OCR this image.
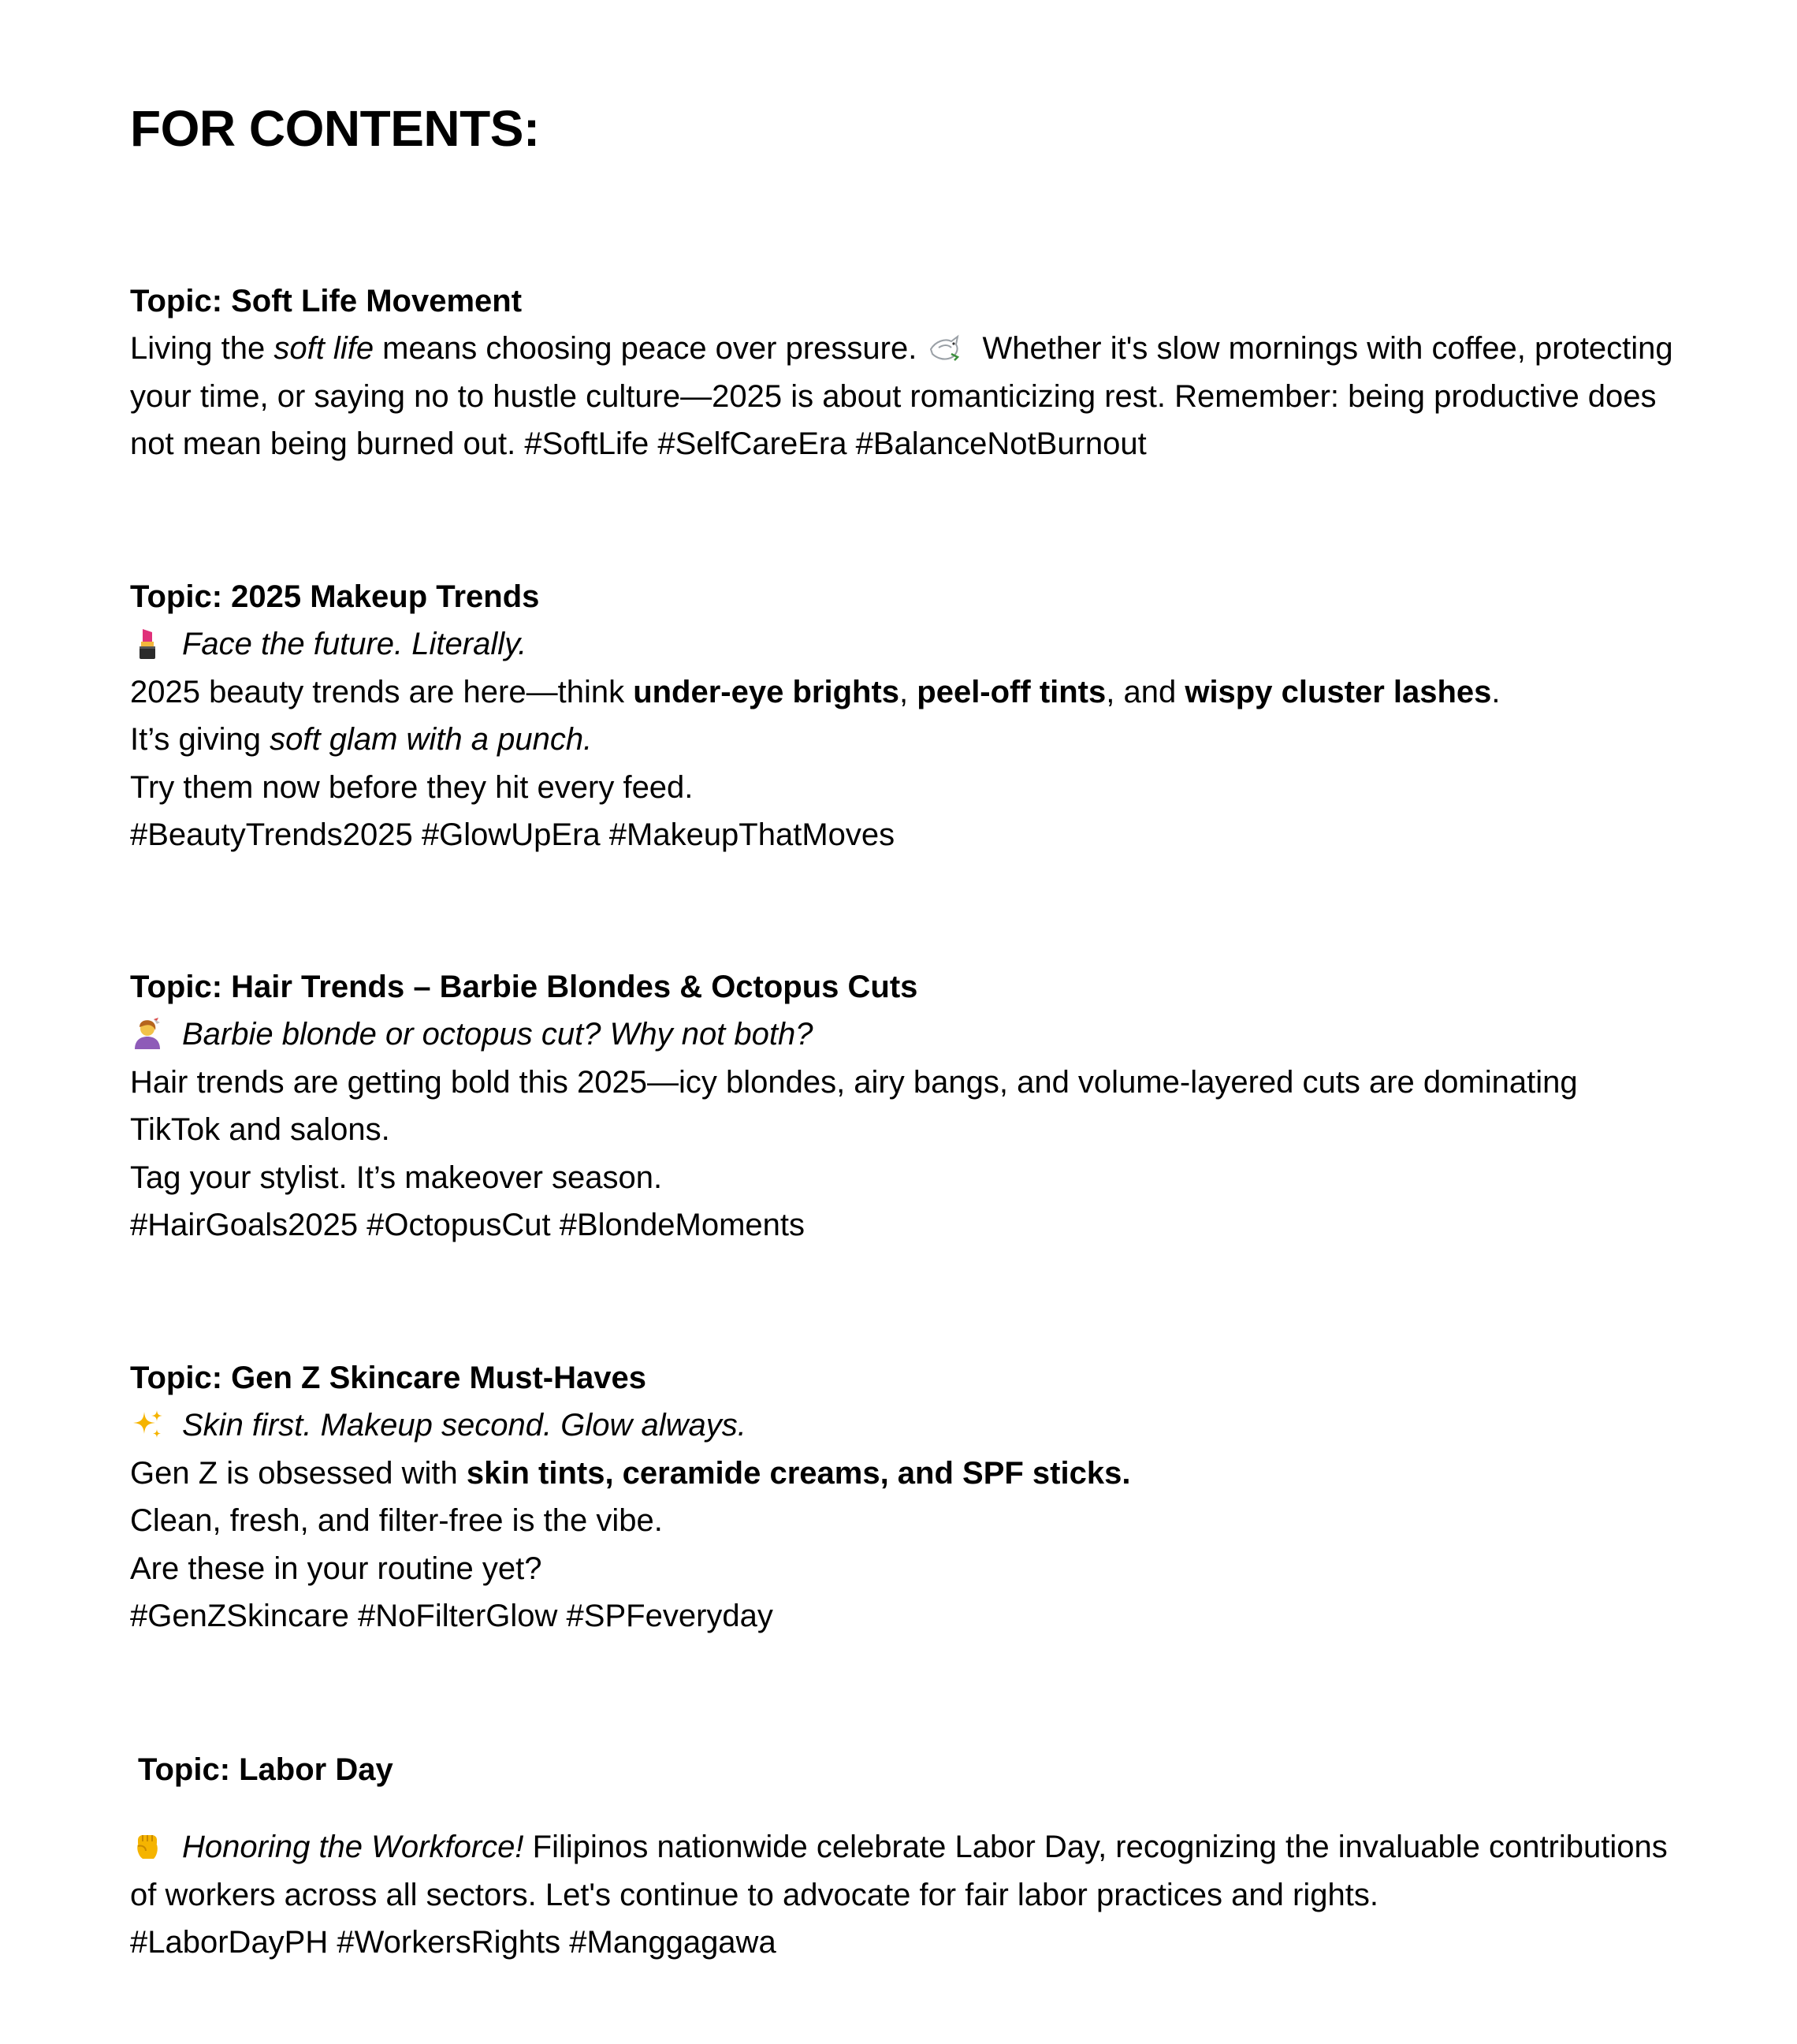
FOR CONTENTS:
Topic: Soft Life Movement
Living the soft life means choosing peace over pressure.
Whether it's slow mornings with coffee, protecting your time, or saying no to hustle culture—2025 is about romanticizing rest. Remember: being productive does not mean being burned out. #SoftLife #SelfCareEra #BalanceNotBurnout
Topic: 2025 Makeup Trends
Face the future. Literally.
2025 beauty trends are here—think under-eye brights, peel-off tints, and wispy cluster lashes.
It’s giving soft glam with a punch.
Try them now before they hit every feed.
#BeautyTrends2025 #GlowUpEra #MakeupThatMoves
Topic: Hair Trends – Barbie Blondes & Octopus Cuts
Barbie blonde or octopus cut? Why not both?
Hair trends are getting bold this 2025—icy blondes, airy bangs, and volume-layered cuts are dominating TikTok and salons.
Tag your stylist. It’s makeover season.
#HairGoals2025 #OctopusCut #BlondeMoments
Topic: Gen Z Skincare Must-Haves
Skin first. Makeup second. Glow always.
Gen Z is obsessed with skin tints, ceramide creams, and SPF sticks.
Clean, fresh, and filter-free is the vibe.
Are these in your routine yet?
#GenZSkincare #NoFilterGlow #SPFeveryday
Topic: Labor Day
Honoring the Workforce! Filipinos nationwide celebrate Labor Day, recognizing the invaluable contributions of workers across all sectors. Let's continue to advocate for fair labor practices and rights.
#LaborDayPH #WorkersRights #Manggagawa
